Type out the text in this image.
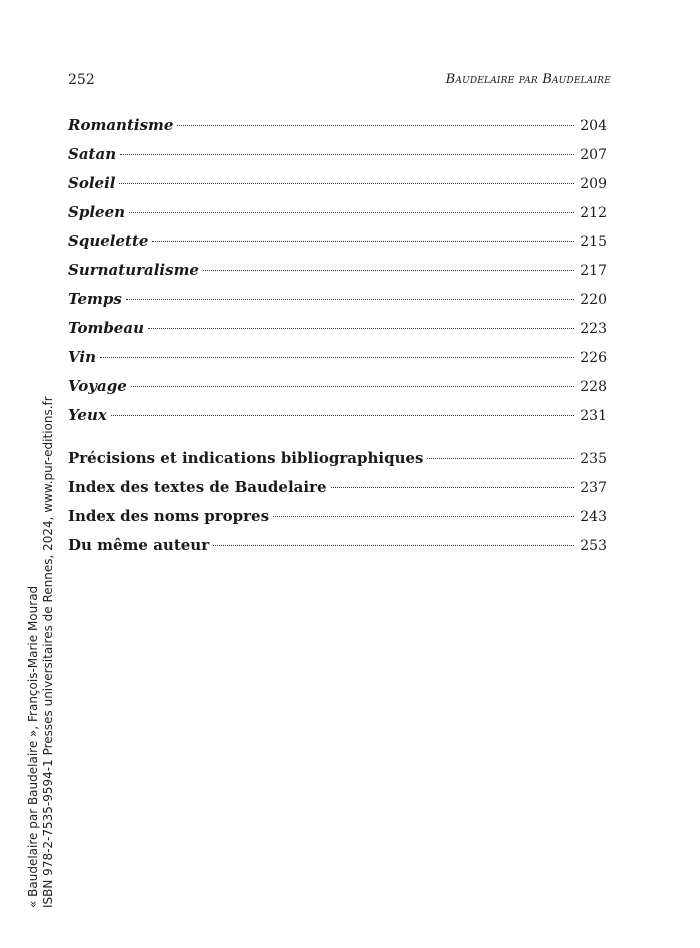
252	Baudelaire par Baudelaire
Romantisme	204
Satan	207
Soleil	209
Spleen	212
Squelette	215
Surnaturalisme	217
Temps	220
Tombeau	223
Vin	226
Voyage	228
Yeux	231
Précisions et indications bibliographiques	235
Index des textes de Baudelaire	237
Index des noms propres	243
Du même auteur	253
« Baudelaire par Baudelaire », François-Marie Mourad ISBN 978-2-7535-9594-1 Presses universitaires de Rennes, 2024, www.pur-editions.fr
